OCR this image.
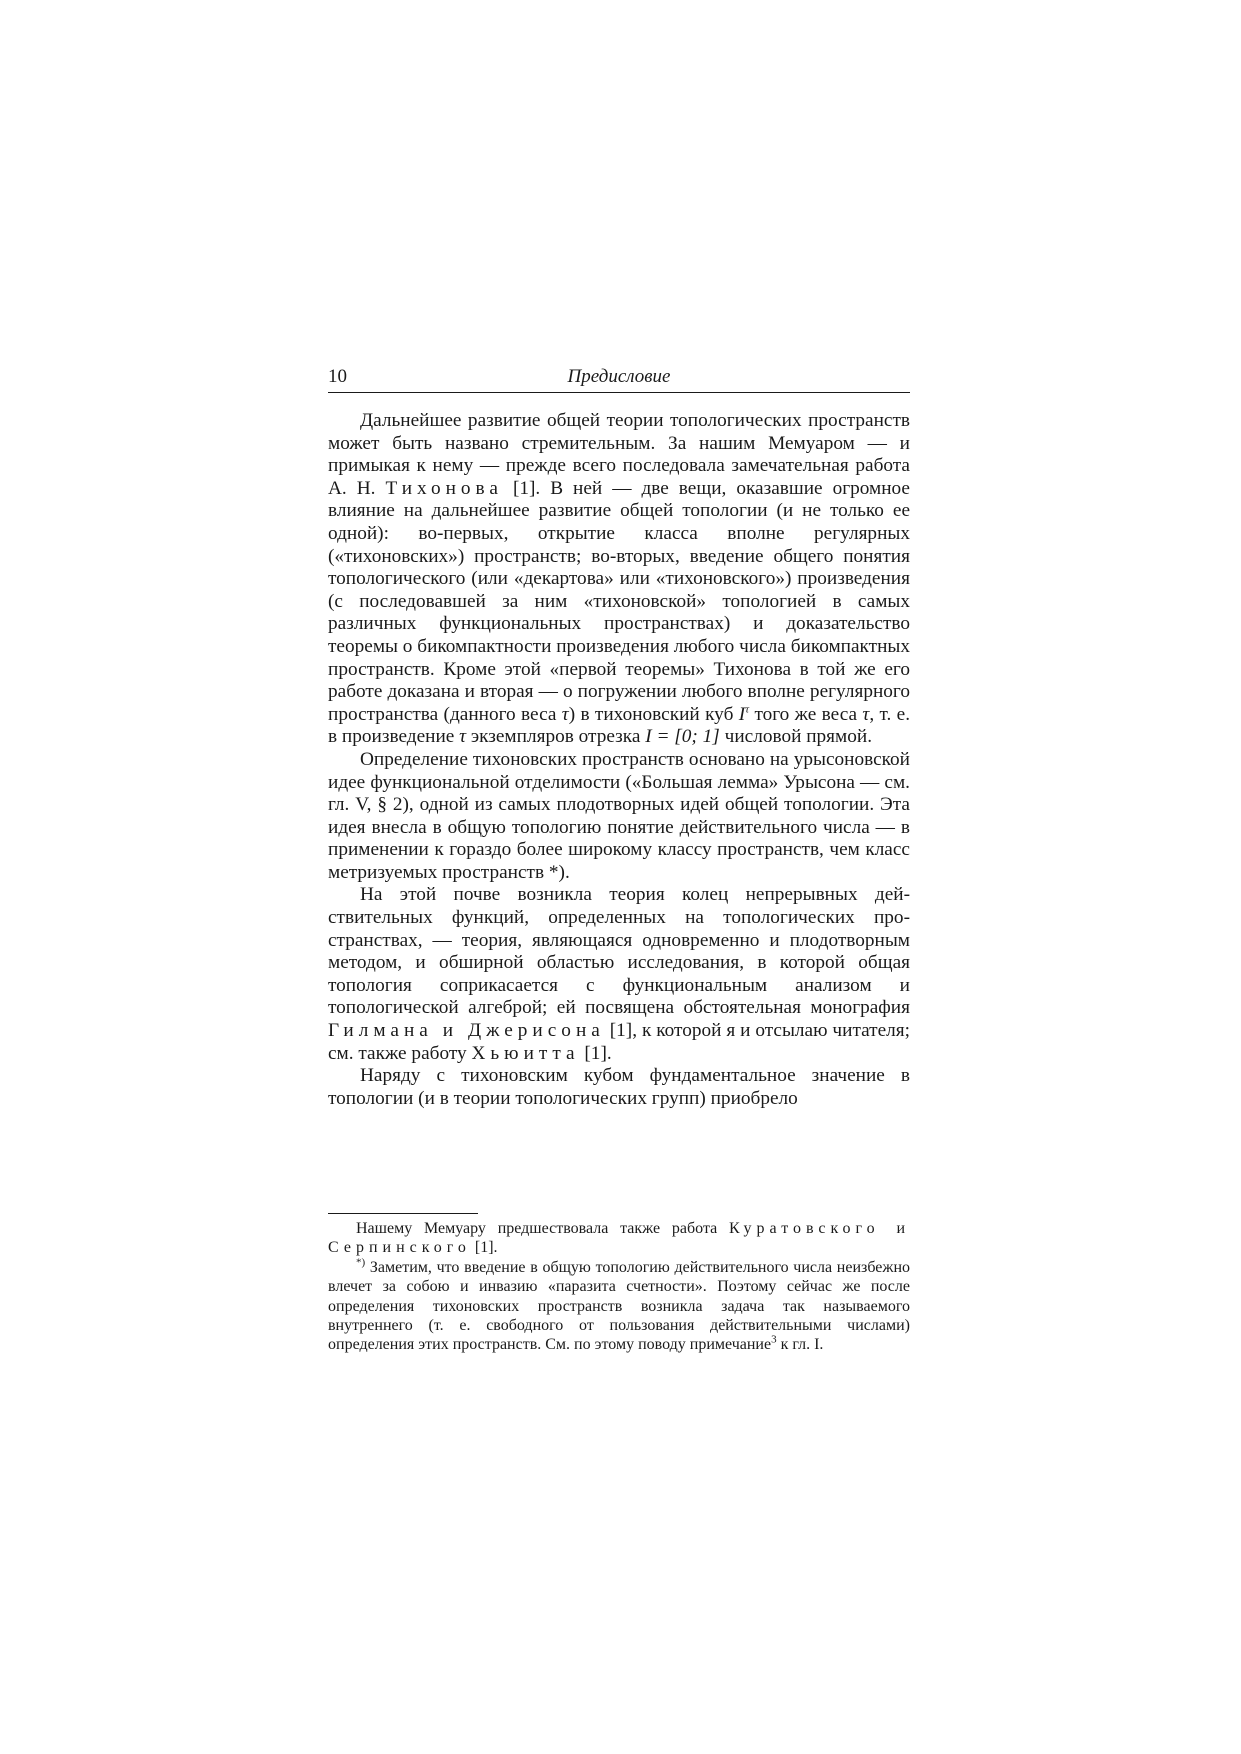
10	Предисловие

Дальнейшее развитие общей теории топологических пространств может быть названо стремительным. За нашим Мемуаром — и примыкая к нему — прежде всего последовала замечательная работа А. Н. Тихонова [1]. В ней — две вещи, оказавшие огромное влияние на дальнейшее развитие общей топологии (и не только ее одной): во-первых, открытие класса вполне регулярных («тихоновских») пространств; во-вторых, введение общего понятия топологического (или «декартова» или «тихоновского») произведения (с последовавшей за ним «тихоновской» топологией в самых различных функциональных пространствах) и доказательство теоремы о бикомпактности произведения любого числа бикомпактных пространств. Кроме этой «первой теоремы» Тихонова в той же его работе доказана и вторая — о погружении любого вполне регулярного пространства (данного веса τ) в тихоновский куб $I^\tau$ того же веса τ, т. е. в произведение τ экземпляров отрезка I = [0; 1] числовой прямой.

Определение тихоновских пространств основано на урысоновской идее функциональной отделимости («Большая лемма» Урысона — см. гл. V, § 2), одной из самых плодотворных идей общей топологии. Эта идея внесла в общую топологию понятие действительного числа — в применении к гораздо более широкому классу пространств, чем класс метризуемых пространств *).

На этой почве возникла теория колец непрерывных действительных функций, определенных на топологических пространствах, — теория, являющаяся одновременно и плодотворным методом, и обширной областью исследования, в которой общая топология соприкасается с функциональным анализом и топологической алгеброй; ей посвящена обстоятельная монография Гилмана и Джерисона [1], к которой я и отсылаю читателя; см. также работу Хьюитта [1].

Наряду с тихоновским кубом фундаментальное значение в топологии (и в теории топологических групп) приобрело

Нашему Мемуару предшествовала также работа Куратовского и Серпинского [1].

*) Заметим, что введение в общую топологию действительного числа неизбежно влечет за собою и инвазию «паразита счетности». Поэтому сейчас же после определения тихоновских пространств возникла задача так называемого внутреннего (т. е. свободного от пользования действительными числами) определения этих пространств. См. по этому поводу примечание$^3$ к гл. I.
